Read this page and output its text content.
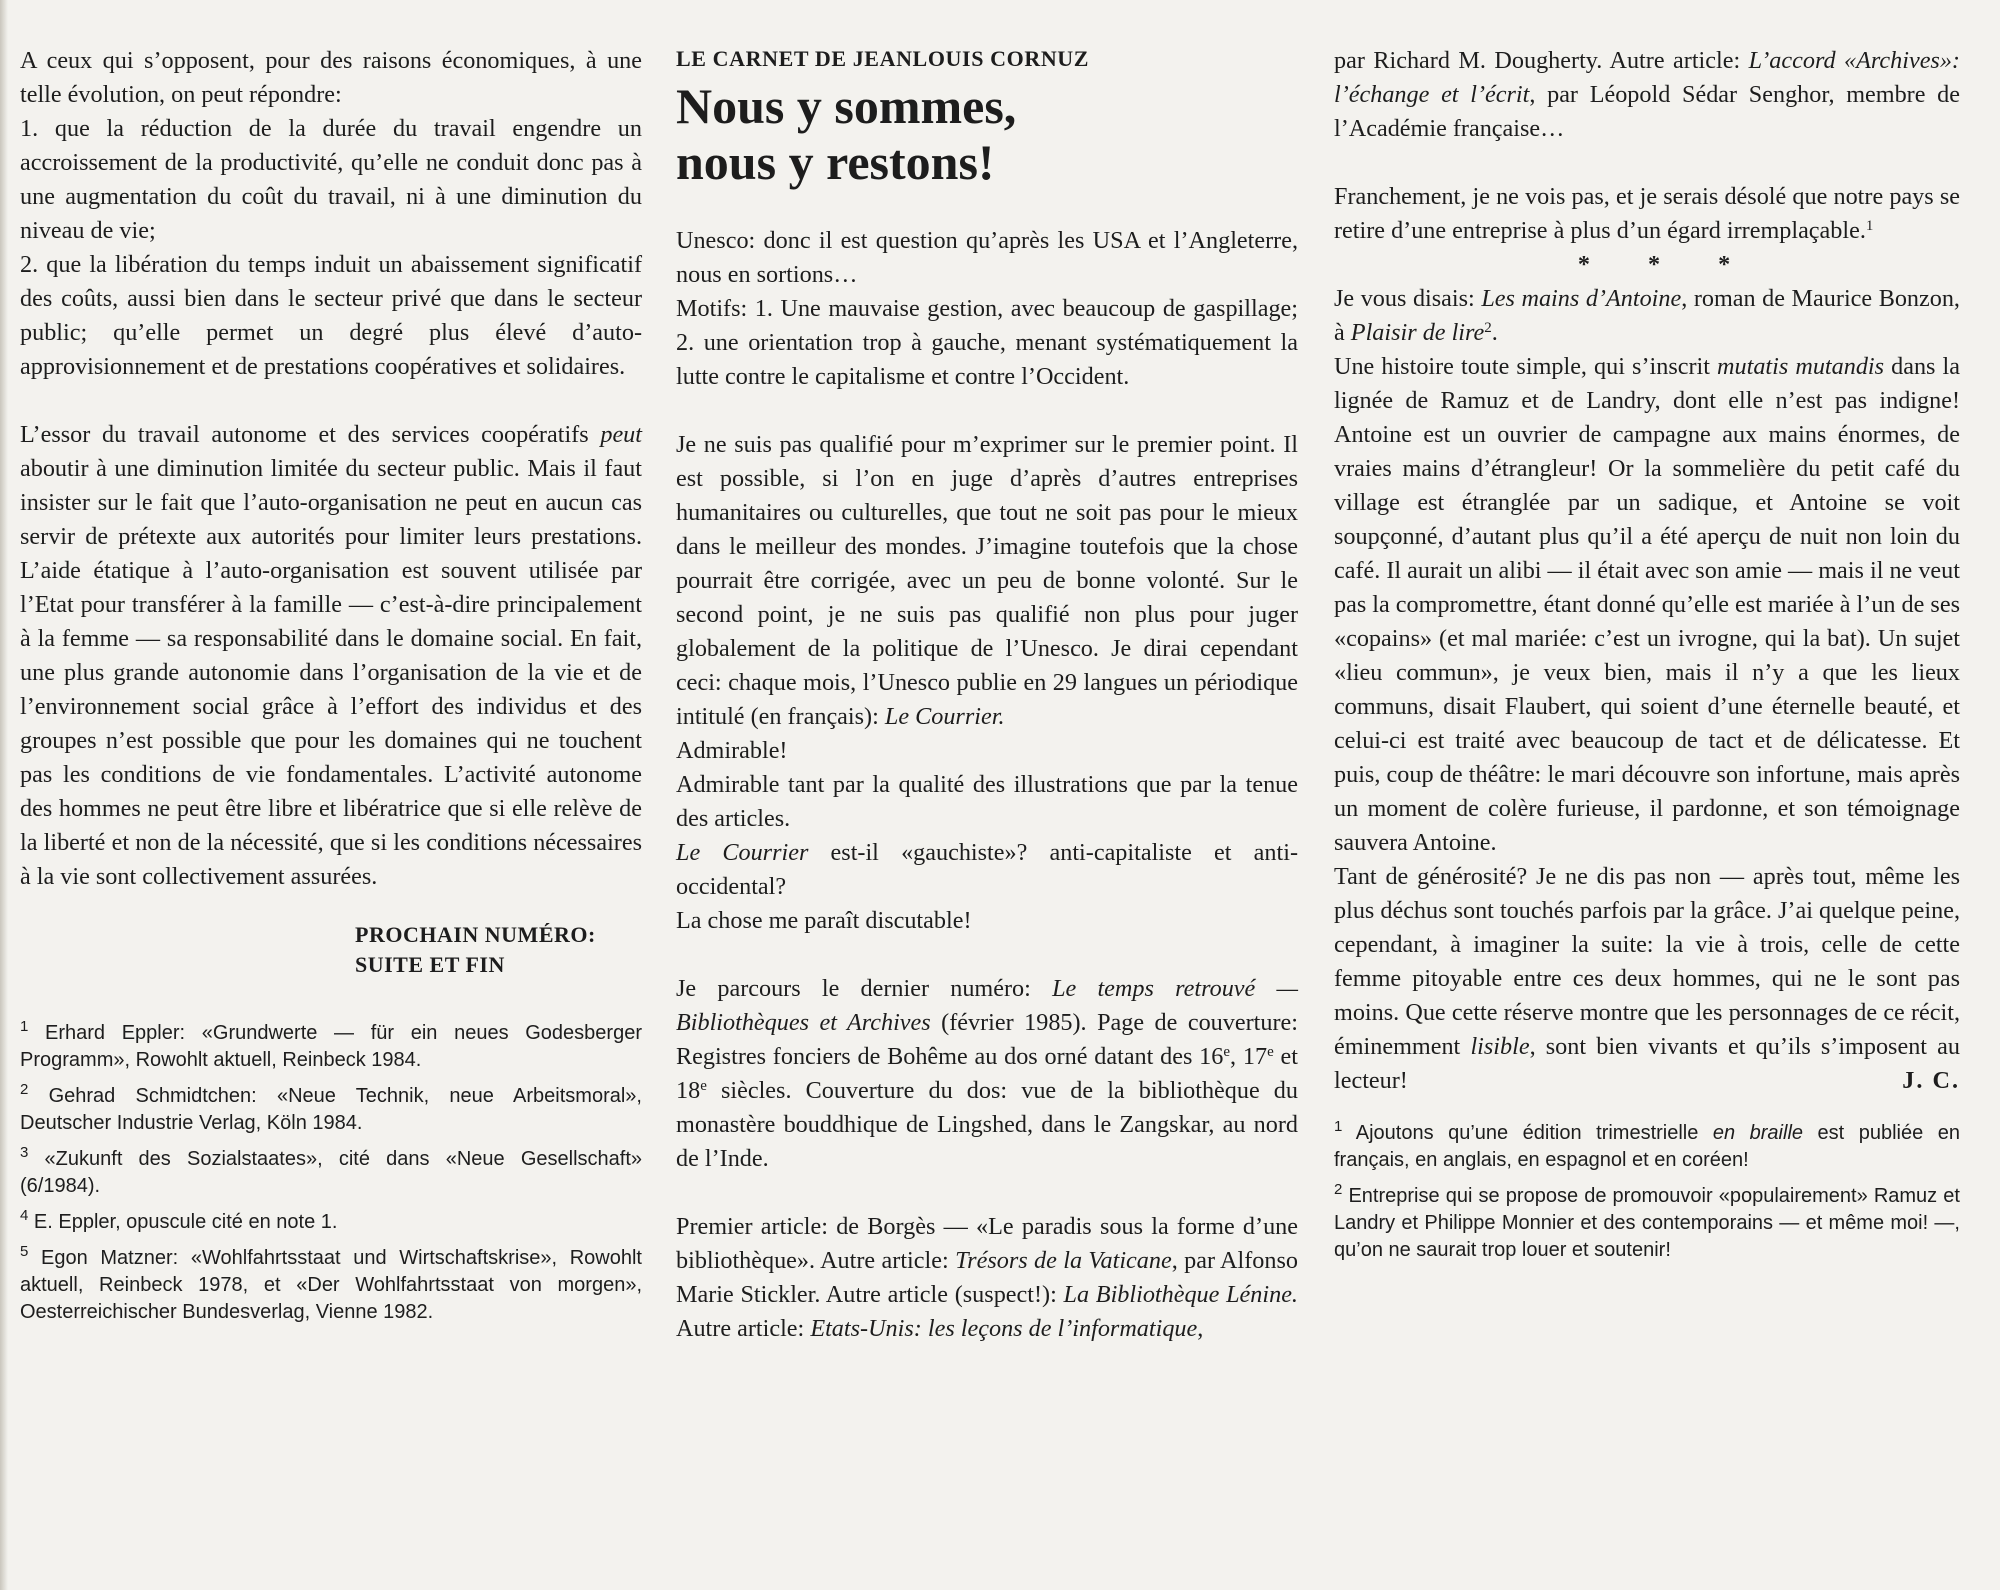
A ceux qui s’opposent, pour des raisons économiques, à une telle évolution, on peut répondre:

1. que la réduction de la durée du travail engendre un accroissement de la productivité, qu’elle ne conduit donc pas à une augmentation du coût du travail, ni à une diminution du niveau de vie;

2. que la libération du temps induit un abaissement significatif des coûts, aussi bien dans le secteur privé que dans le secteur public; qu’elle permet un degré plus élevé d’auto-approvisionnement et de prestations coopératives et solidaires.

L’essor du travail autonome et des services coopératifs peut aboutir à une diminution limitée du secteur public. Mais il faut insister sur le fait que l’auto-organisation ne peut en aucun cas servir de prétexte aux autorités pour limiter leurs prestations. L’aide étatique à l’auto-organisation est souvent utilisée par l’Etat pour transférer à la famille — c’est-à-dire principalement à la femme — sa responsabilité dans le domaine social. En fait, une plus grande autonomie dans l’organisation de la vie et de l’environnement social grâce à l’effort des individus et des groupes n’est possible que pour les domaines qui ne touchent pas les conditions de vie fondamentales. L’activité autonome des hommes ne peut être libre et libératrice que si elle relève de la liberté et non de la nécessité, que si les conditions nécessaires à la vie sont collectivement assurées.

PROCHAIN NUMÉRO:
SUITE ET FIN

$^1$ Erhard Eppler: «Grundwerte — für ein neues Godesberger Programm», Rowohlt aktuell, Reinbeck 1984.

$^2$ Gehrad Schmidtchen: «Neue Technik, neue Arbeitsmoral», Deutscher Industrie Verlag, Köln 1984.

$^3$ «Zukunft des Sozialstaates», cité dans «Neue Gesellschaft» (6/1984).

$^4$ E. Eppler, opuscule cité en note 1.

$^5$ Egon Matzner: «Wohlfahrtsstaat und Wirtschaftskrise», Rowohlt aktuell, Reinbeck 1978, et «Der Wohlfahrtsstaat von morgen», Oesterreichischer Bundesverlag, Vienne 1982.

LE CARNET DE JEANLOUIS CORNUZ

Nous y sommes,
nous y restons!

Unesco: donc il est question qu’après les USA et l’Angleterre, nous en sortions…

Motifs: 1. Une mauvaise gestion, avec beaucoup de gaspillage; 2. une orientation trop à gauche, menant systématiquement la lutte contre le capitalisme et contre l’Occident.

Je ne suis pas qualifié pour m’exprimer sur le premier point. Il est possible, si l’on en juge d’après d’autres entreprises humanitaires ou culturelles, que tout ne soit pas pour le mieux dans le meilleur des mondes. J’imagine toutefois que la chose pourrait être corrigée, avec un peu de bonne volonté. Sur le second point, je ne suis pas qualifié non plus pour juger globalement de la politique de l’Unesco. Je dirai cependant ceci: chaque mois, l’Unesco publie en 29 langues un périodique intitulé (en français): Le Courrier.

Admirable!

Admirable tant par la qualité des illustrations que par la tenue des articles.

Le Courrier est-il «gauchiste»? anti-capitaliste et anti-occidental?

La chose me paraît discutable!

Je parcours le dernier numéro: Le temps retrouvé — Bibliothèques et Archives (février 1985). Page de couverture: Registres fonciers de Bohême au dos orné datant des 16e, 17e et 18e siècles. Couverture du dos: vue de la bibliothèque du monastère bouddhique de Lingshed, dans le Zangskar, au nord de l’Inde.

Premier article: de Borgès — «Le paradis sous la forme d’une bibliothèque». Autre article: Trésors de la Vaticane, par Alfonso Marie Stickler. Autre article (suspect!): La Bibliothèque Lénine. Autre article: Etats-Unis: les leçons de l’informatique,

par Richard M. Dougherty. Autre article: L’accord «Archives»: l’échange et l’écrit, par Léopold Sédar Senghor, membre de l’Académie française…

Franchement, je ne vois pas, et je serais désolé que notre pays se retire d’une entreprise à plus d’un égard irremplaçable.$^1$

* * *

Je vous disais: Les mains d’Antoine, roman de Maurice Bonzon, à Plaisir de lire$^2$.

Une histoire toute simple, qui s’inscrit mutatis mutandis dans la lignée de Ramuz et de Landry, dont elle n’est pas indigne! Antoine est un ouvrier de campagne aux mains énormes, de vraies mains d’étrangleur! Or la sommelière du petit café du village est étranglée par un sadique, et Antoine se voit soupçonné, d’autant plus qu’il a été aperçu de nuit non loin du café. Il aurait un alibi — il était avec son amie — mais il ne veut pas la compromettre, étant donné qu’elle est mariée à l’un de ses «copains» (et mal mariée: c’est un ivrogne, qui la bat). Un sujet «lieu commun», je veux bien, mais il n’y a que les lieux communs, disait Flaubert, qui soient d’une éternelle beauté, et celui-ci est traité avec beaucoup de tact et de délicatesse. Et puis, coup de théâtre: le mari découvre son infortune, mais après un moment de colère furieuse, il pardonne, et son témoignage sauvera Antoine.

Tant de générosité? Je ne dis pas non — après tout, même les plus déchus sont touchés parfois par la grâce. J’ai quelque peine, cependant, à imaginer la suite: la vie à trois, celle de cette femme pitoyable entre ces deux hommes, qui ne le sont pas moins. Que cette réserve montre que les personnages de ce récit, éminemment lisible, sont bien vivants et qu’ils s’imposent au lecteur!	J. C.

$^1$ Ajoutons qu’une édition trimestrielle en braille est publiée en français, en anglais, en espagnol et en coréen!

$^2$ Entreprise qui se propose de promouvoir «populairement» Ramuz et Landry et Philippe Monnier et des contemporains — et même moi! —, qu’on ne saurait trop louer et soutenir!
